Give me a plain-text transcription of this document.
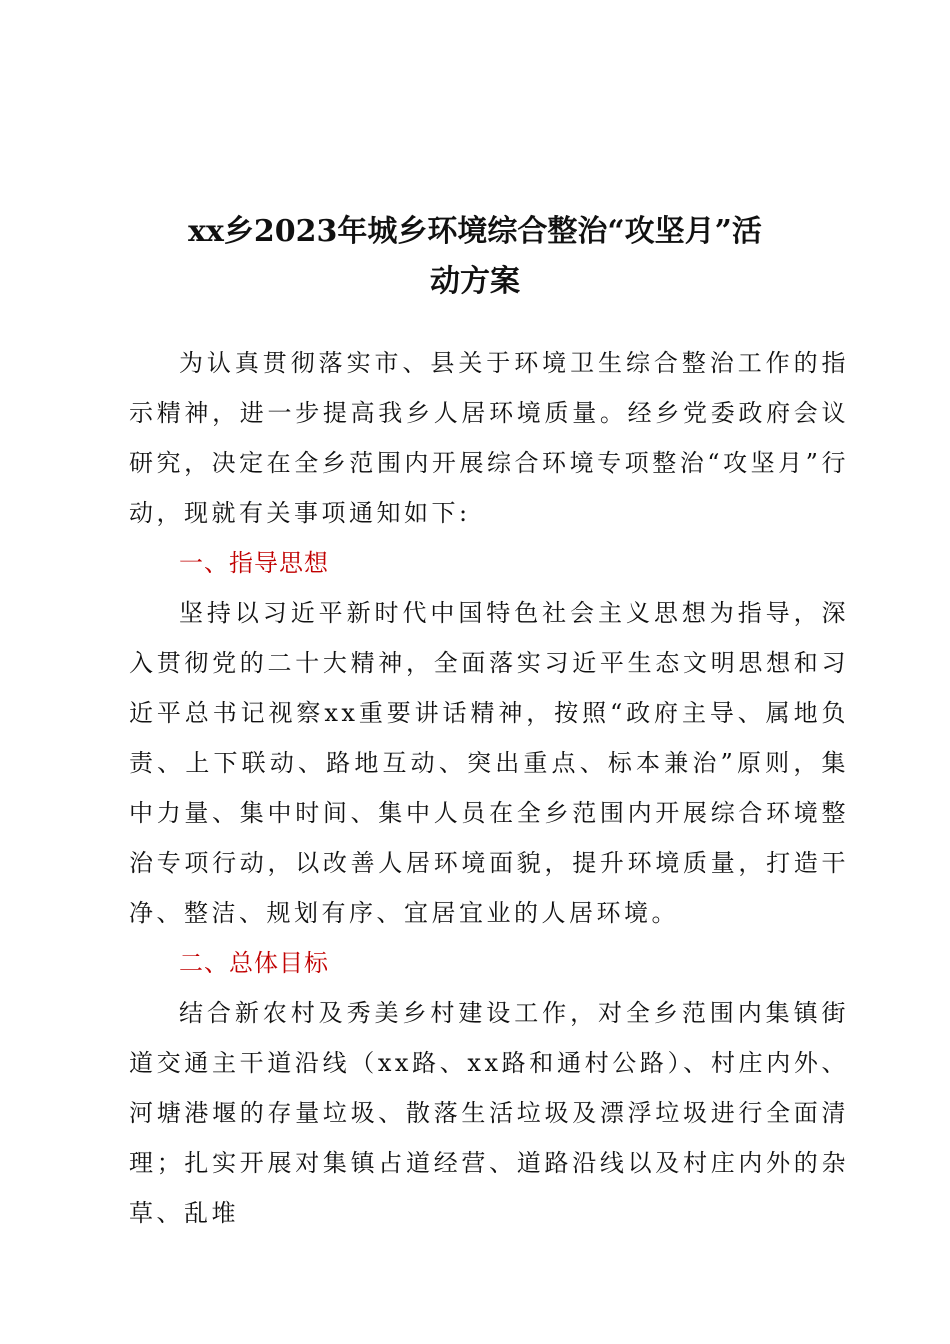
xx乡2023年城乡环境综合整治“攻坚月”活
动方案

为认真贯彻落实市、县关于环境卫生综合整治工作的指示精神，进一步提高我乡人居环境质量。经乡党委政府会议研究，决定在全乡范围内开展综合环境专项整治“攻坚月”行动，现就有关事项通知如下:

一、指导思想

坚持以习近平新时代中国特色社会主义思想为指导，深入贯彻党的二十大精神，全面落实习近平生态文明思想和习近平总书记视察xx重要讲话精神，按照“政府主导、属地负责、上下联动、路地互动、突出重点、标本兼治”原则，集中力量、集中时间、集中人员在全乡范围内开展综合环境整治专项行动，以改善人居环境面貌，提升环境质量，打造干净、整洁、规划有序、宜居宜业的人居环境。

二、总体目标

结合新农村及秀美乡村建设工作，对全乡范围内集镇街道交通主干道沿线（xx路、xx路和通村公路）、村庄内外、河塘港堰的存量垃圾、散落生活垃圾及漂浮垃圾进行全面清理；扎实开展对集镇占道经营、道路沿线以及村庄内外的杂草、乱堆
